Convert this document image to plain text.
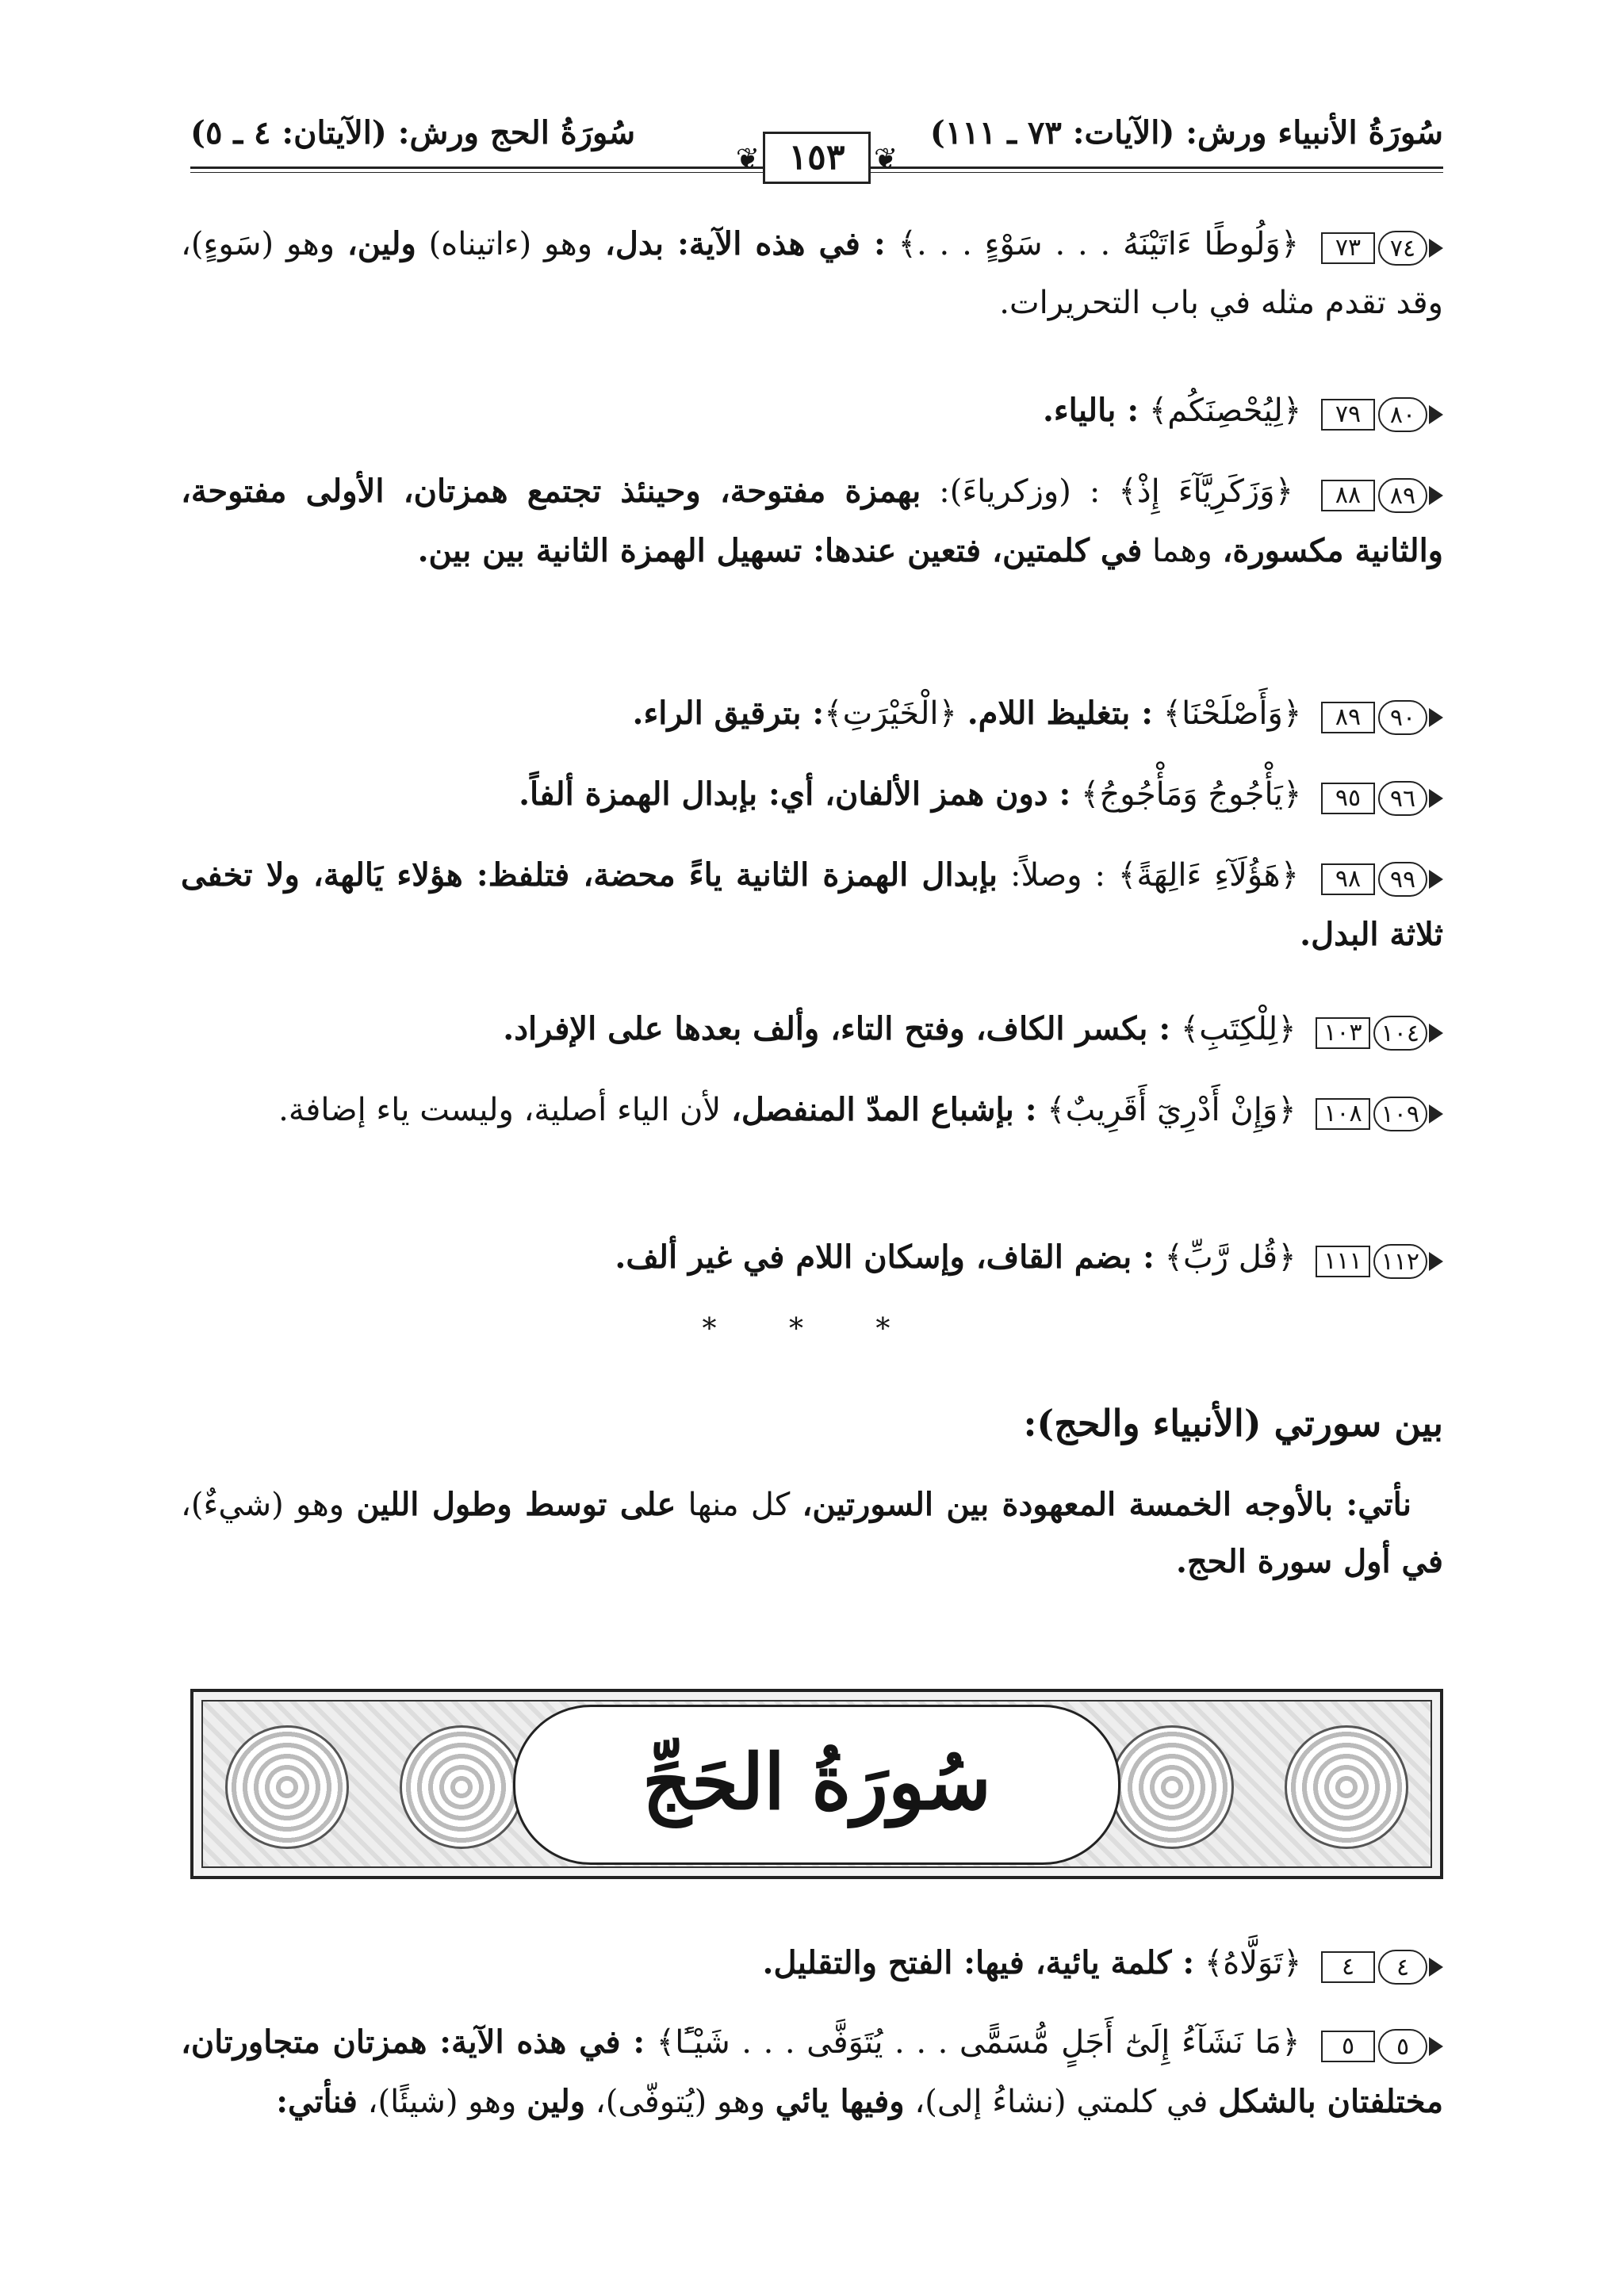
سُورَةُ الأنبياء ورش: (الآيات: ٧٣ ـ ١١١)
سُورَةُ الحج ورش: (الآيتان: ٤ ـ ٥)
❦	❦
١٥٣

٧٤٧٣ ﴿وَلُوطًا ءَاتَيْنَهُ . . . سَوْءٍ . . .﴾ : في هذه الآية: بدل، وهو (ءاتيناه) ولين، وهو (سَوءٍ)، وقد تقدم مثله في باب التحريرات.

٨٠٧٩ ﴿لِيُحْصِنَكُم﴾ : بالياء.

٨٩٨٨ ﴿وَزَكَرِيَّآءَ إِذْ﴾ : (وزكرياءَ): بهمزة مفتوحة، وحينئذ تجتمع همزتان، الأولى مفتوحة، والثانية مكسورة، وهما في كلمتين، فتعين عندها: تسهيل الهمزة الثانية بين بين.

٩٠٨٩ ﴿وَأَصْلَحْنَا﴾ : بتغليظ اللام. ﴿الْخَيْرَتِ﴾: بترقيق الراء.

٩٦٩٥ ﴿يَأْجُوجُ وَمَأْجُوجُ﴾ : دون همز الألفان، أي: بإبدال الهمزة ألفاً.

٩٩٩٨ ﴿هَؤُلَآءِ ءَالِهَةً﴾ : وصلاً: بإبدال الهمزة الثانية ياءً محضة، فتلفظ: هؤلاء يَالهة، ولا تخفى ثلاثة البدل.

١٠٤١٠٣ ﴿لِلْكِتَبِ﴾ : بكسر الكاف، وفتح التاء، وألف بعدها على الإفراد.

١٠٩١٠٨ ﴿وَإِنْ أَدْرِيٓ أَقَرِيبٌ﴾ : بإشباع المدّ المنفصل، لأن الياء أصلية، وليست ياء إضافة.

١١٢١١١ ﴿قُل رَّبِّ﴾ : بضم القاف، وإسكان اللام في غير ألف.

* * *
بين سورتي (الأنبياء والحج):

نأتي: بالأوجه الخمسة المعهودة بين السورتين، كل منها على توسط وطول اللين وهو (شيءٌ)، في أول سورة الحج.

سُورَةُ الحَجِّ

٤٤ ﴿تَوَلَّاهُ﴾ : كلمة يائية، فيها: الفتح والتقليل.

٥٥ ﴿مَا نَشَآءُ إِلَىٰٓ أَجَلٍ مُّسَمًّى . . . يُتَوَفَّى . . . شَيْـًٔا﴾ : في هذه الآية: همزتان متجاورتان، مختلفتان بالشكل في كلمتي (نشاءُ إلى)، وفيها يائي وهو (يُتوفّى)، ولين وهو (شيئًا)، فنأتي:
